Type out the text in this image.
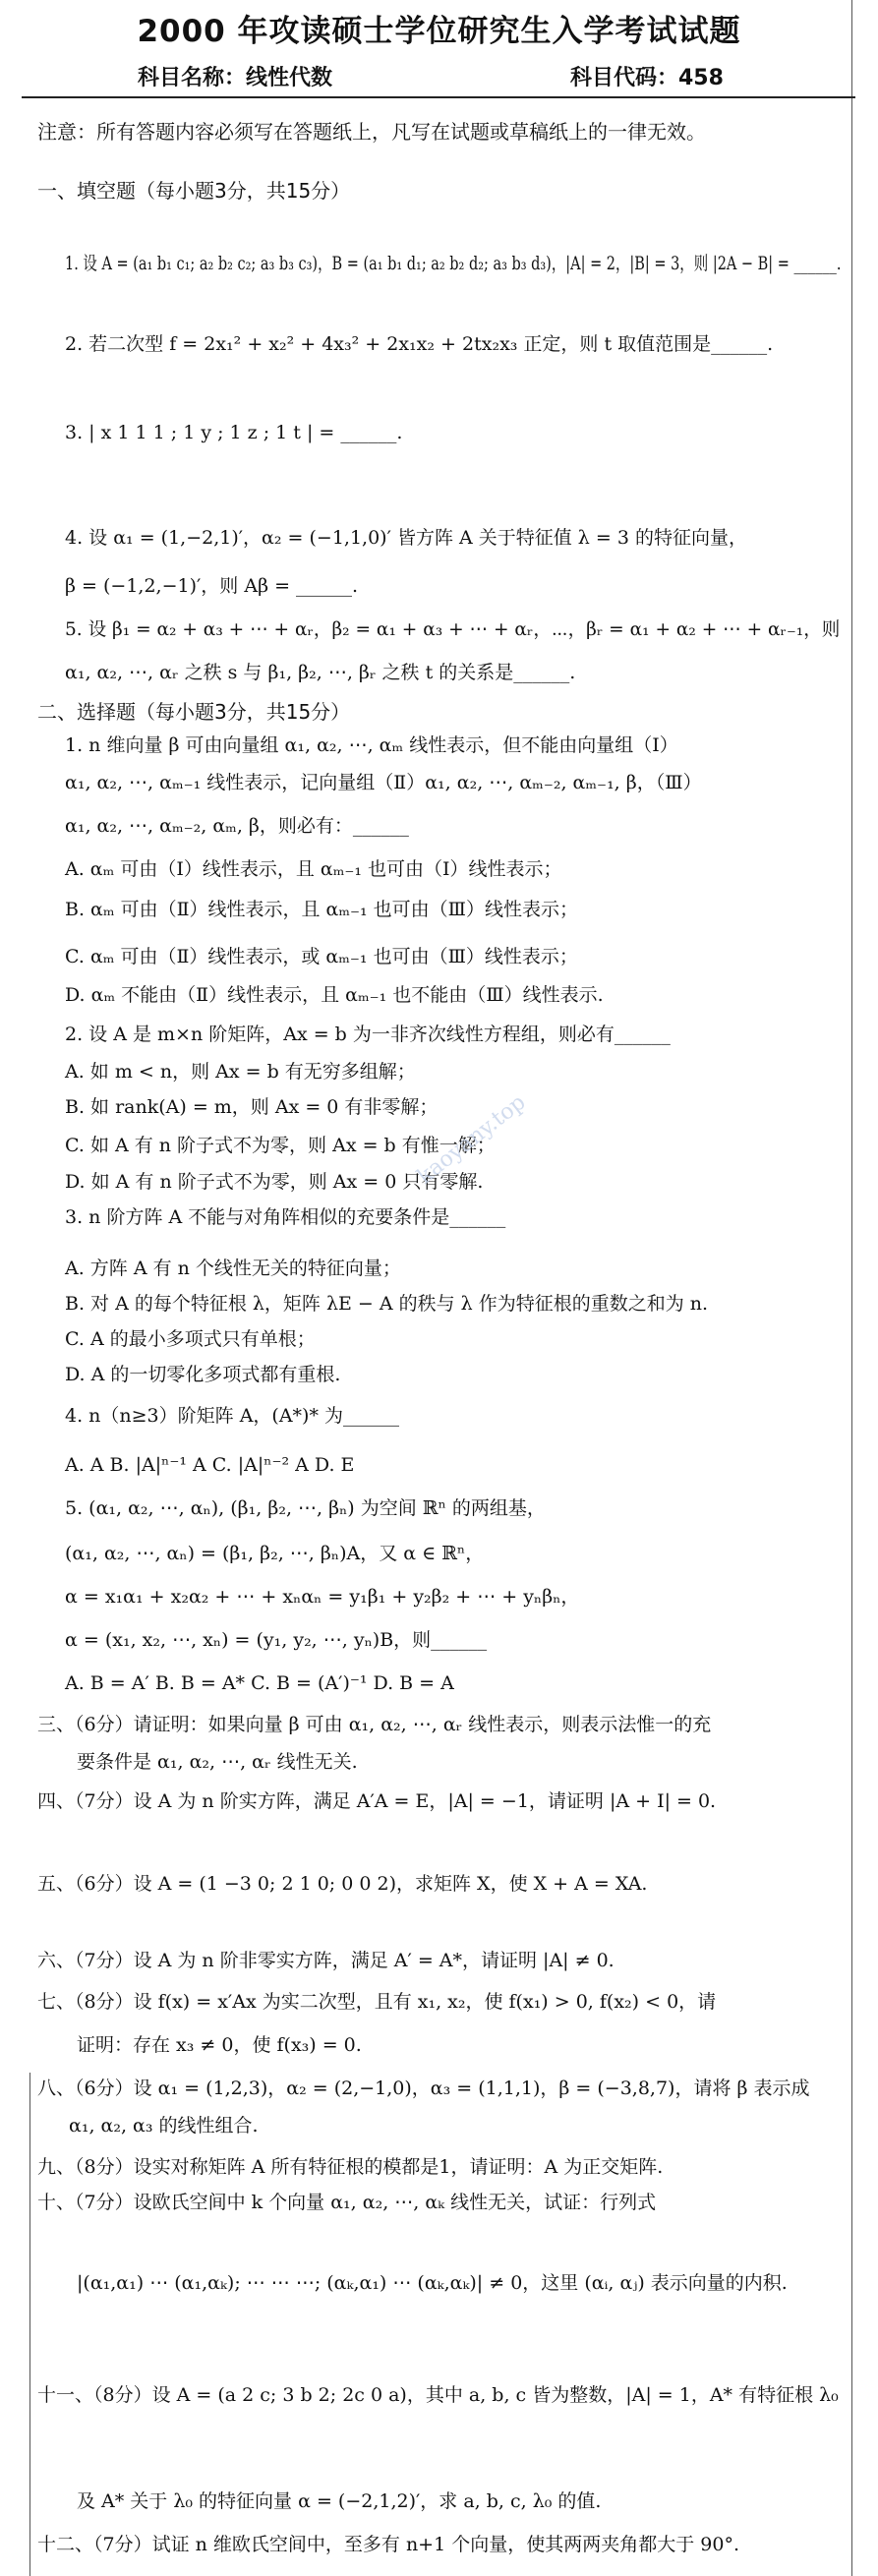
2000 年攻读硕士学位研究生入学考试试题
科目名称：线性代数	科目代码：458
注意：所有答题内容必须写在答题纸上，凡写在试题或草稿纸上的一律无效。
一、填空题（每小题3分，共15分）
1. 设 A = (a₁ b₁ c₁; a₂ b₂ c₂; a₃ b₃ c₃)，B = (a₁ b₁ d₁; a₂ b₂ d₂; a₃ b₃ d₃)，|A| = 2，|B| = 3，则 |2A − B| = ______.
2. 若二次型 f = 2x₁² + x₂² + 4x₃² + 2x₁x₂ + 2tx₂x₃ 正定，则 t 取值范围是______.
3. | x 1 1 1 ; 1 y ; 1 z ; 1 t | = ______.
4. 设 α₁ = (1,−2,1)′，α₂ = (−1,1,0)′ 皆方阵 A 关于特征值 λ = 3 的特征向量，
β = (−1,2,−1)′，则 Aβ = ______.
5. 设 β₁ = α₂ + α₃ + ⋯ + αᵣ，β₂ = α₁ + α₃ + ⋯ + αᵣ，⋯，βᵣ = α₁ + α₂ + ⋯ + αᵣ₋₁，则
α₁, α₂, ⋯, αᵣ 之秩 s 与 β₁, β₂, ⋯, βᵣ 之秩 t 的关系是______.
二、选择题（每小题3分，共15分）
1. n 维向量 β 可由向量组 α₁, α₂, ⋯, αₘ 线性表示，但不能由向量组（Ⅰ）
α₁, α₂, ⋯, αₘ₋₁ 线性表示，记向量组（Ⅱ）α₁, α₂, ⋯, αₘ₋₂, αₘ₋₁, β，（Ⅲ）
α₁, α₂, ⋯, αₘ₋₂, αₘ, β，则必有：______
A. αₘ 可由（Ⅰ）线性表示，且 αₘ₋₁ 也可由（Ⅰ）线性表示；
B. αₘ 可由（Ⅱ）线性表示，且 αₘ₋₁ 也可由（Ⅲ）线性表示；
C. αₘ 可由（Ⅱ）线性表示，或 αₘ₋₁ 也可由（Ⅲ）线性表示；
D. αₘ 不能由（Ⅱ）线性表示，且 αₘ₋₁ 也不能由（Ⅲ）线性表示.
2. 设 A 是 m×n 阶矩阵，Ax = b 为一非齐次线性方程组，则必有______
A. 如 m < n，则 Ax = b 有无穷多组解；
B. 如 rank(A) = m，则 Ax = 0 有非零解；
C. 如 A 有 n 阶子式不为零，则 Ax = b 有惟一解；
D. 如 A 有 n 阶子式不为零，则 Ax = 0 只有零解.
3. n 阶方阵 A 不能与对角阵相似的充要条件是______
A. 方阵 A 有 n 个线性无关的特征向量；
B. 对 A 的每个特征根 λ，矩阵 λE − A 的秩与 λ 作为特征根的重数之和为 n.
C. A 的最小多项式只有单根；
D. A 的一切零化多项式都有重根.
4. n（n≥3）阶矩阵 A，(A*)* 为______
A. A B. |A|ⁿ⁻¹ A C. |A|ⁿ⁻² A D. E
5. (α₁, α₂, ⋯, αₙ), (β₁, β₂, ⋯, βₙ) 为空间 ℝⁿ 的两组基，
(α₁, α₂, ⋯, αₙ) = (β₁, β₂, ⋯, βₙ)A，又 α ∈ ℝⁿ，
α = x₁α₁ + x₂α₂ + ⋯ + xₙαₙ = y₁β₁ + y₂β₂ + ⋯ + yₙβₙ，
α = (x₁, x₂, ⋯, xₙ) = (y₁, y₂, ⋯, yₙ)B，则______
A. B = A′ B. B = A* C. B = (A′)⁻¹ D. B = A
三、（6分）请证明：如果向量 β 可由 α₁, α₂, ⋯, αᵣ 线性表示，则表示法惟一的充
要条件是 α₁, α₂, ⋯, αᵣ 线性无关.
四、（7分）设 A 为 n 阶实方阵，满足 A′A = E，|A| = −1，请证明 |A + I| = 0.
五、（6分）设 A = (1 −3 0; 2 1 0; 0 0 2)，求矩阵 X，使 X + A = XA.
六、（7分）设 A 为 n 阶非零实方阵，满足 A′ = A*，请证明 |A| ≠ 0.
七、（8分）设 f(x) = x′Ax 为实二次型，且有 x₁, x₂，使 f(x₁) > 0, f(x₂) < 0，请
证明：存在 x₃ ≠ 0，使 f(x₃) = 0.
八、（6分）设 α₁ = (1,2,3)，α₂ = (2,−1,0)，α₃ = (1,1,1)，β = (−3,8,7)，请将 β 表示成
α₁, α₂, α₃ 的线性组合.
九、（8分）设实对称矩阵 A 所有特征根的模都是1，请证明：A 为正交矩阵.
十、（7分）设欧氏空间中 k 个向量 α₁, α₂, ⋯, αₖ 线性无关，试证：行列式
|(α₁,α₁) ⋯ (α₁,αₖ); ⋯ ⋯ ⋯; (αₖ,α₁) ⋯ (αₖ,αₖ)| ≠ 0，这里 (αᵢ, αⱼ) 表示向量的内积.
十一、（8分）设 A = (a 2 c; 3 b 2; 2c 0 a)，其中 a, b, c 皆为整数，|A| = 1，A* 有特征根 λ₀
及 A* 关于 λ₀ 的特征向量 α = (−2,1,2)′，求 a, b, c, λ₀ 的值.
十二、（7分）试证 n 维欧氏空间中，至多有 n+1 个向量，使其两两夹角都大于 90°.
kaoyany.top
